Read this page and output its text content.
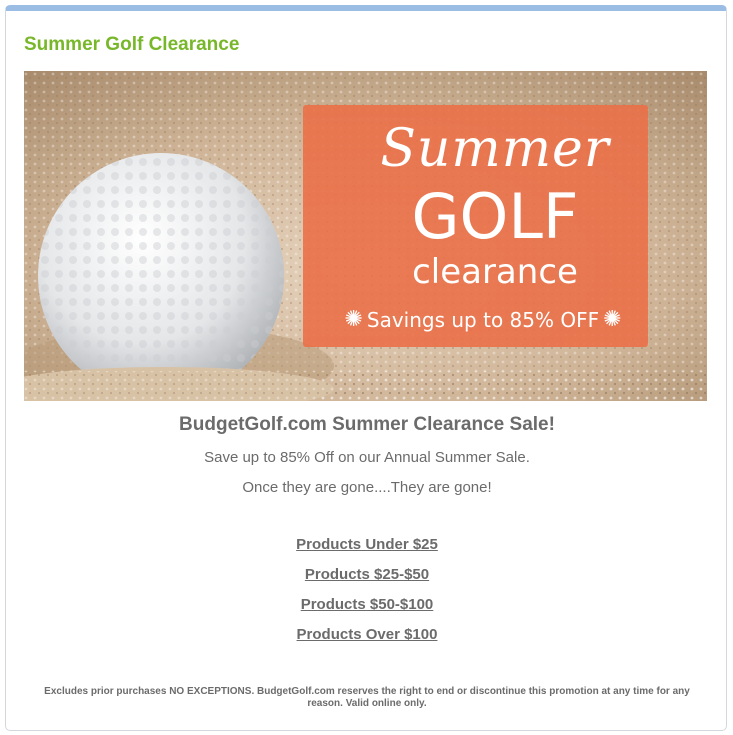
Summer Golf Clearance
Summer
GOLF
clearance
✺ Savings up to 85% OFF ✺
BudgetGolf.com Summer Clearance Sale!
Save up to 85% Off on our Annual Summer Sale.
Once they are gone....They are gone!
Products Under $25
Products $25-$50
Products $50-$100
Products Over $100
Excludes prior purchases NO EXCEPTIONS. BudgetGolf.com reserves the right to end or discontinue this promotion at any time for any reason. Valid online only.
